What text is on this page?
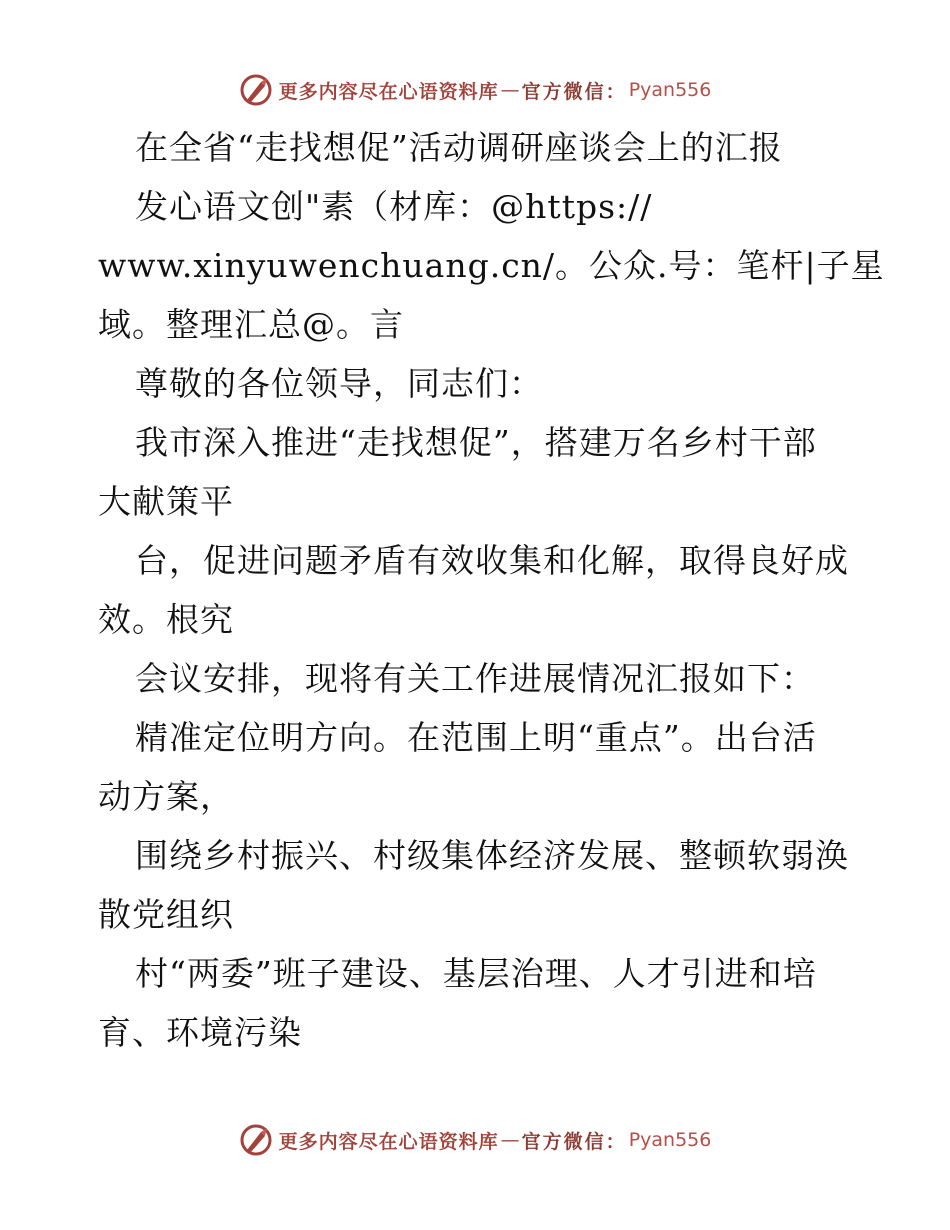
更多内容尽在心语资料库 — 官方微信： Pyan556
在全省“走找想促”活动调研座谈会上的汇报
发心语文创"素（材库：@https://
www.xinyuwenchuang.cn/。公众.号：笔杆|子星
域。整理汇总@。言
尊敬的各位领导，同志们：
我市深入推进“走找想促”，搭建万名乡村干部
大献策平
台，促进问题矛盾有效收集和化解，取得良好成
效。根究
会议安排，现将有关工作进展情况汇报如下：
精准定位明方向。在范围上明“重点”。出台活
动方案，
围绕乡村振兴、村级集体经济发展、整顿软弱涣
散党组织
村“两委”班子建设、基层治理、人才引进和培
育、环境污染
更多内容尽在心语资料库 — 官方微信： Pyan556
